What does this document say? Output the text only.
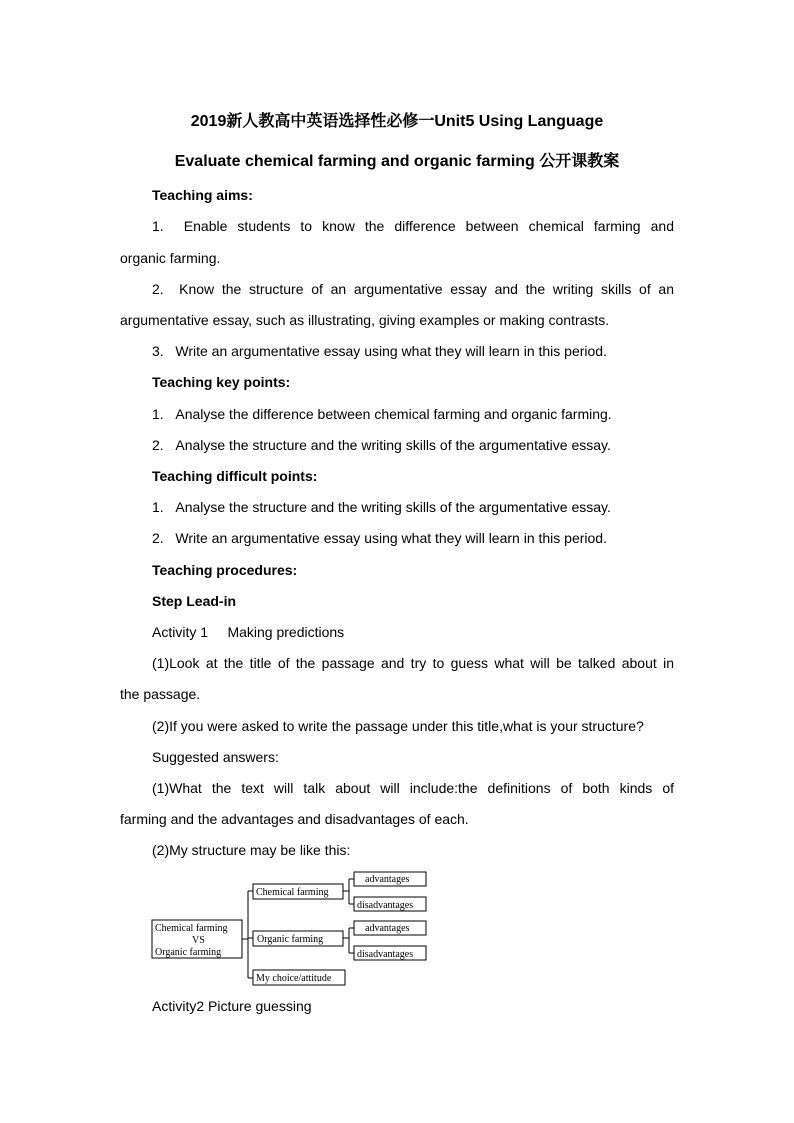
2019新人教高中英语选择性必修一Unit5 Using Language
Evaluate chemical farming and organic farming 公开课教案
Teaching aims:
1. Enable students to know the difference between chemical farming and
organic farming.
2. Know the structure of an argumentative essay and the writing skills of an
argumentative essay, such as illustrating, giving examples or making contrasts.
3. Write an argumentative essay using what they will learn in this period.
Teaching key points:
1. Analyse the difference between chemical farming and organic farming.
2. Analyse the structure and the writing skills of the argumentative essay.
Teaching difficult points:
1. Analyse the structure and the writing skills of the argumentative essay.
2. Write an argumentative essay using what they will learn in this period.
Teaching procedures:
Step Lead-in
Activity 1     Making predictions
(1)Look at the title of the passage and try to guess what will be talked about in
the passage.
(2)If you were asked to write the passage under this title,what is your structure?
Suggested answers:
(1)What the text will talk about will include:the definitions of both kinds of
farming and the advantages and disadvantages of each.
(2)My structure may be like this:
Chemical farming
VS
Organic farming
Chemical farming
Organic farming
My choice/attitude
advantages
disadvantages
advantages
disadvantages
Activity2 Picture guessing
